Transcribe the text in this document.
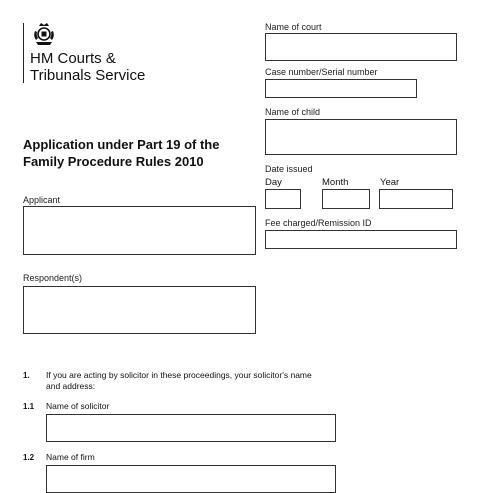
HM Courts &
Tribunals Service
Application under Part 19 of the
Family Procedure Rules 2010
Applicant
Respondent(s)
Name of court
Case number/Serial number
Name of child
Date issued
Day	Month	Year
Fee charged/Remission ID
1. If you are acting by solicitor in these proceedings, your solicitor's name
and address:
1.1 Name of solicitor
1.2 Name of firm
